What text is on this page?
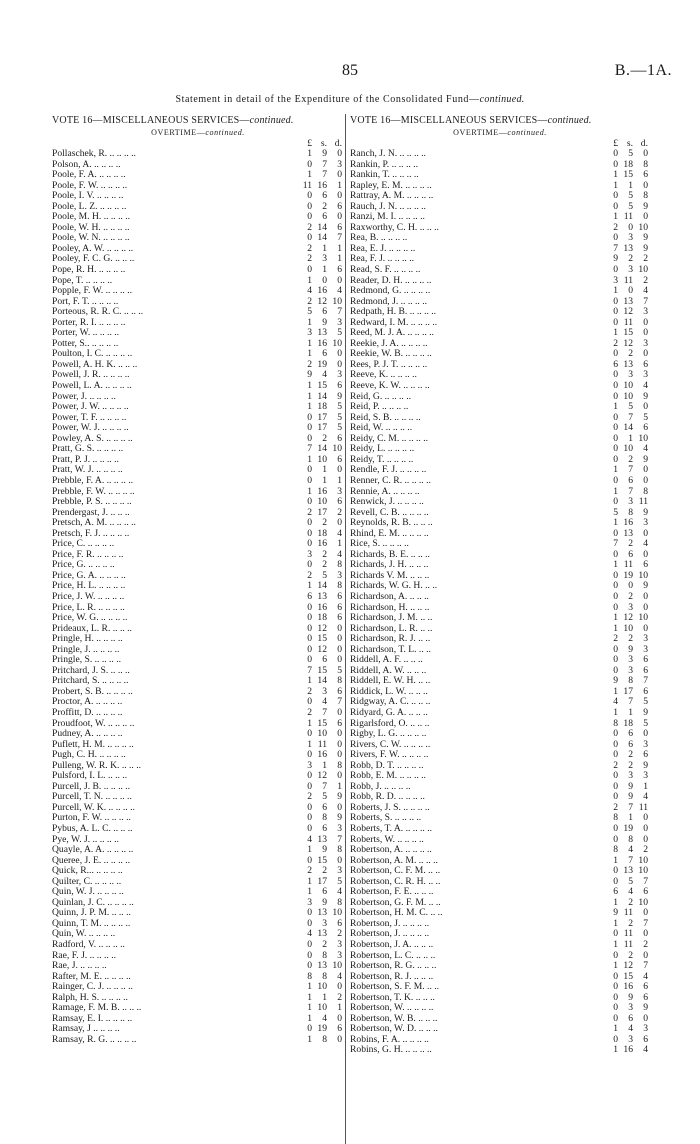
85	B.—1A.
Statement in detail of the Expenditure of the Consolidated Fund—continued.
VOTE 16—MISCELLANEOUS SERVICES—continued.
OVERTIME—continued.
£ s. d.
Pollaschek, R. .. .. .. ..	1	9	0
Polson, A. .. .. .. ..	0	7	3
Poole, F. A. .. .. .. ..	1	7	0
Poole, F. W. .. .. .. ..	11 16	1
Poole, I. V. .. .. .. ..	0	6	0
Poole, L. Z. .. .. .. ..	0	2	6
Poole, M. H. .. .. .. ..	0	6	0
Poole, W. H. .. .. .. ..	2 14	6
Poole, W. N. .. .. .. ..	0 14	7
Pooley, A. W. .. .. .. ..	2	1	1
Pooley, F. C. G. .. .. ..	2	3	1
Pope, R. H. .. .. .. ..	0	1	6
Pope, T. .. .. .. ..	1	0	0
Popple, F. W. .. .. .. ..	4 16	4
Port, F. T. .. .. .. ..	2 12 10
Porteous, R. R. C. .. .. ..	5	6	7
Porter, R. I. .. .. .. ..	1	9	3
Porter, W. .. .. .. ..	3 13	5
Potter, S.. .. .. .. ..	1 16 10
Poulton, I. C. .. .. .. ..	1	6	0
Powell, A. H. K. .. .. ..	2 19	0
Powell, J. R. .. .. .. ..	9	4	3
Powell, L. A. .. .. .. ..	1 15	6
Power, J. .. .. .. ..	1 14	9
Power, J. W. .. .. .. ..	1 18	5
Power, T. F. .. .. .. ..	0 17	5
Power, W. J. .. .. .. ..	0 17	5
Powley, A. S. .. .. .. ..	0	2	6
Pratt, G. S. .. .. .. ..	7 14 10
Pratt, P. J. .. .. .. ..	1 10	6
Pratt, W. J. .. .. .. ..	0	1	0
Prebble, F. A. .. .. .. ..	0	1	1
Prebble, F. W. .. .. .. ..	1 16	3
Prebble, P. S. .. .. .. ..	0 10	6
Prendergast, J. .. .. ..	2 17	2
Pretsch, A. M. .. .. .. ..	0	2	0
Pretsch, F. J. .. .. .. ..	0 18	4
Price, C. .. .. .. ..	0 16	1
Price, F. R. .. .. .. ..	3	2	4
Price, G. .. .. .. ..	0	2	8
Price, G. A. .. .. .. ..	2	5	3
Price, H. L. .. .. .. ..	1 14	8
Price, J. W. .. .. .. ..	6 13	6
Price, L. R. .. .. .. ..	0 16	6
Price, W. G. .. .. .. ..	0 18	6
Prideaux, L. R. .. .. ..	0 12	0
Pringle, H. .. .. .. ..	0 15	0
Pringle, J. .. .. .. ..	0 12	0
Pringle, S. .. .. .. ..	0	6	0
Pritchard, J. S. .. .. ..	7 15	5
Pritchard, S. .. .. .. ..	1 14	8
Probert, S. B. .. .. .. ..	2	3	6
Proctor, A. .. .. .. ..	0	4	7
Proffitt, D. .. .. .. ..	2	7	0
Proudfoot, W. .. .. .. ..	1 15	6
Pudney, A. .. .. .. ..	0 10	0
Puflett, H. M. .. .. .. ..	1 11	0
Pugh, C. H. .. .. .. ..	0 16	0
Pulleng, W. R. K. .. .. ..	3	1	8
Pulsford, I. L. .. .. ..	0 12	0
Purcell, J. B. .. .. .. ..	0	7	1
Purcell, T. N. .. .. .. ..	2	5	9
Purcell, W. K. .. .. .. ..	0	6	0
Purton, F. W. .. .. .. ..	0	8	9
Pybus, A. L. C. .. .. ..	0	6	3
Pye, W. J. .. .. .. ..	4 13	7
Quayle, A. A. .. .. .. ..	1	9	8
Queree, J. E. .. .. .. ..	0 15	0
Quick, R... .. .. .. ..	2	2	3
Quilter, C. .. .. .. ..	1 17	5
Quin, W. J. .. .. .. ..	1	6	4
Quinlan, J. C. .. .. .. ..	3	9	8
Quinn, J. P. M. .. .. ..	0 13 10
Quinn, T. M. .. .. .. ..	0	3	6
Quin, W. .. .. .. ..	4 13	2
Radford, V. .. .. .. ..	0	2	3
Rae, F. J. .. .. .. ..	0	8	3
Rae, J. .. .. .. ..	0 13 10
Rafter, M. E. .. .. .. ..	8	8	4
Rainger, C. J. .. .. .. ..	1 10	0
Ralph, H. S. .. .. .. ..	1	1	2
Ramage, F. M. B. .. .. ..	1 10	1
Ramsay, E. I. .. .. .. ..	1	4	0
Ramsay, J .. .. .. ..	0 19	6
Ramsay, R. G. .. .. .. ..	1	8	0
VOTE 16—MISCELLANEOUS SERVICES—continued.
OVERTIME—continued.
£ s. d.
Ranch, J. N. .. .. .. ..	0	5	0
Rankin, P. .. .. .. ..	0 18	8
Rankin, T. .. .. .. ..	1 15	6
Rapley, E. M. .. .. .. ..	1	1	0
Rattray, A. M. .. .. .. ..	0	5	8
Rauch, J. N. .. .. .. ..	0	5	9
Ranzi, M. I. .. .. .. ..	1 11	0
Raxworthy, C. H. .. .. ..	2	0 10
Rea, B. .. .. .. ..	0	3	9
Rea, E. J. .. .. .. ..	7 13	9
Rea, F. J. .. .. .. ..	9	2	2
Read, S. F. .. .. .. ..	0	3 10
Reader, D. H. .. .. .. ..	3 11	2
Redmond, G. .. .. .. ..	1	0	4
Redmond, J. .. .. .. ..	0 13	7
Redpath, H. B. .. .. .. ..	0 12	3
Redward, I. M. .. .. .. ..	0 11	0
Reed, M. J. A. .. .. .. ..	1 15	0
Reekie, J. A. .. .. .. ..	2 12	3
Reekie, W. B. .. .. .. ..	0	2	0
Rees, P. J. T. .. .. .. ..	6 13	6
Reeve, K. .. .. .. ..	0	3	3
Reeve, K. W. .. .. .. ..	0 10	4
Reid, G. .. .. .. ..	0 10	9
Reid, P. .. .. .. ..	1	5	0
Reid, S. B. .. .. .. ..	0	7	5
Reid, W. .. .. .. ..	0 14	6
Reidy, C. M. .. .. .. ..	0	1 10
Reidy, L. .. .. .. ..	0 10	4
Reidy, T. .. .. .. ..	0	2	9
Rendle, F. J. .. .. .. ..	1	7	0
Renner, C. R. .. .. .. ..	0	6	0
Rennie, A. .. .. .. ..	1	7	8
Renwick, J. .. .. .. ..	0	3 11
Revell, C. B. .. .. .. ..	5	8	9
Reynolds, R. B. .. .. ..	1 16	3
Rhind, E. M. .. .. .. ..	0 13	0
Rice, S. .. .. .. ..	7	2	4
Richards, B. E. .. .. ..	0	6	0
Richards, J. H. .. .. ..	1 11	6
Richards V. M. .. .. ..	0 19 10
Richards, W. G. H. .. ..	0	0	9
Richardson, A. .. .. ..	0	2	0
Richardson, H. .. .. ..	0	3	0
Richardson, J. M. .. ..	1 12 10
Richardson, L. R. .. ..	1 10	0
Richardson, R. J. .. ..	2	2	3
Richardson, T. L. .. ..	0	9	3
Riddell, A. F. .. .. ..	0	3	6
Riddell, A. W. .. .. ..	0	3	6
Riddell, E. W. H. .. ..	9	8	7
Riddick, L. W. .. .. ..	1 17	6
Ridgway, A. C. .. .. ..	4	7	5
Ridyard, G. A. .. .. ..	1	1	9
Rigarlsford, O. .. .. ..	8 18	5
Rigby, L. G. .. .. .. ..	0	6	0
Rivers, C. W. .. .. .. ..	0	6	3
Rivers, F. W. .. .. .. ..	0	2	6
Robb, D. T. .. .. .. ..	2	2	9
Robb, E. M. .. .. .. ..	0	3	3
Robb, J. .. .. .. ..	0	9	1
Robb, R. D. .. .. .. ..	0	9	4
Roberts, J. S. .. .. .. ..	2	7 11
Roberts, S. .. .. .. ..	8	1	0
Roberts, T. A. .. .. .. ..	0 19	0
Roberts, W. .. .. .. ..	0	8	0
Robertson, A. .. .. .. ..	8	4	2
Robertson, A. M. .. .. ..	1	7 10
Robertson, C. F. M. .. ..	0 13 10
Robertson, C. R. H. .. ..	0	5	7
Robertson, F. E. .. .. ..	6	4	6
Robertson, G. F. M. .. ..	1	2 10
Robertson, H. M. C. .. ..	9 11	0
Robertson, J. .. .. .. ..	1	2	7
Robertson, J. .. .. .. ..	0 11	0
Robertson, J. A. .. .. ..	1 11	2
Robertson, L. C. .. .. ..	0	2	0
Robertson, R. G. .. .. ..	1 12	7
Robertson, R. J. .. .. ..	0 15	4
Robertson, S. F. M. .. ..	0 16	6
Robertson, T. K. .. .. ..	0	9	6
Robertson, W. .. .. .. ..	0	3	9
Robertson, W. B. .. .. ..	0	6	0
Robertson, W. D. .. .. ..	1	4	3
Robins, F. A. .. .. .. ..	0	3	6
Robins, G. H. .. .. .. ..	1 16	4
